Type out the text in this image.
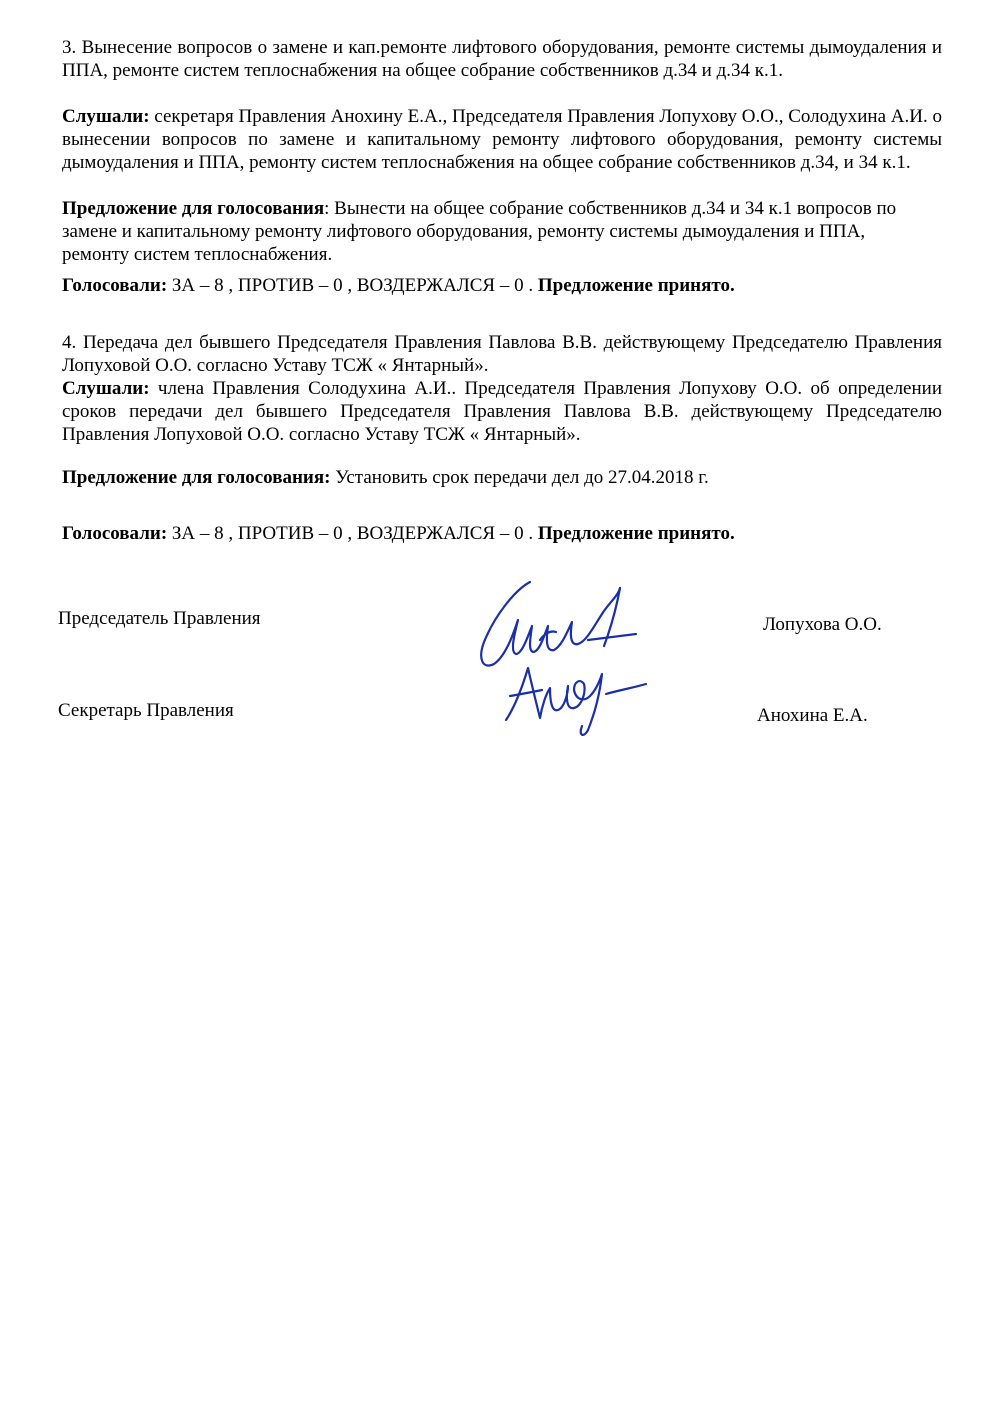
3. Вынесение вопросов о замене и кап.ремонте лифтового оборудования, ремонте системы дымоудаления и ППА, ремонте систем теплоснабжения на общее собрание собственников д.34 и д.34 к.1.

Слушали: секретаря Правления Анохину Е.А., Председателя Правления Лопухову О.О., Солодухина А.И. о вынесении вопросов по замене и капитальному ремонту лифтового оборудования, ремонту системы дымоудаления и ППА, ремонту систем теплоснабжения на общее собрание собственников д.34, и 34 к.1.

Предложение для голосования: Вынести на общее собрание собственников д.34 и 34 к.1 вопросов по замене и капитальному ремонту лифтового оборудования, ремонту системы дымоудаления и ППА, ремонту систем теплоснабжения.

Голосовали: ЗА – 8 , ПРОТИВ – 0 , ВОЗДЕРЖАЛСЯ – 0 . Предложение принято.

4. Передача дел бывшего Председателя Правления Павлова В.В. действующему Председателю Правления Лопуховой О.О. согласно Уставу ТСЖ « Янтарный».

Слушали: члена Правления Солодухина А.И.. Председателя Правления Лопухову О.О. об определении сроков передачи дел бывшего Председателя Правления Павлова В.В. действующему Председателю Правления Лопуховой О.О. согласно Уставу ТСЖ « Янтарный».

Предложение для голосования: Установить срок передачи дел до 27.04.2018 г.

Голосовали: ЗА – 8 , ПРОТИВ – 0 , ВОЗДЕРЖАЛСЯ – 0 . Предложение принято.

Председатель Правления	Лопухова О.О.
Секретарь Правления	Анохина Е.А.
